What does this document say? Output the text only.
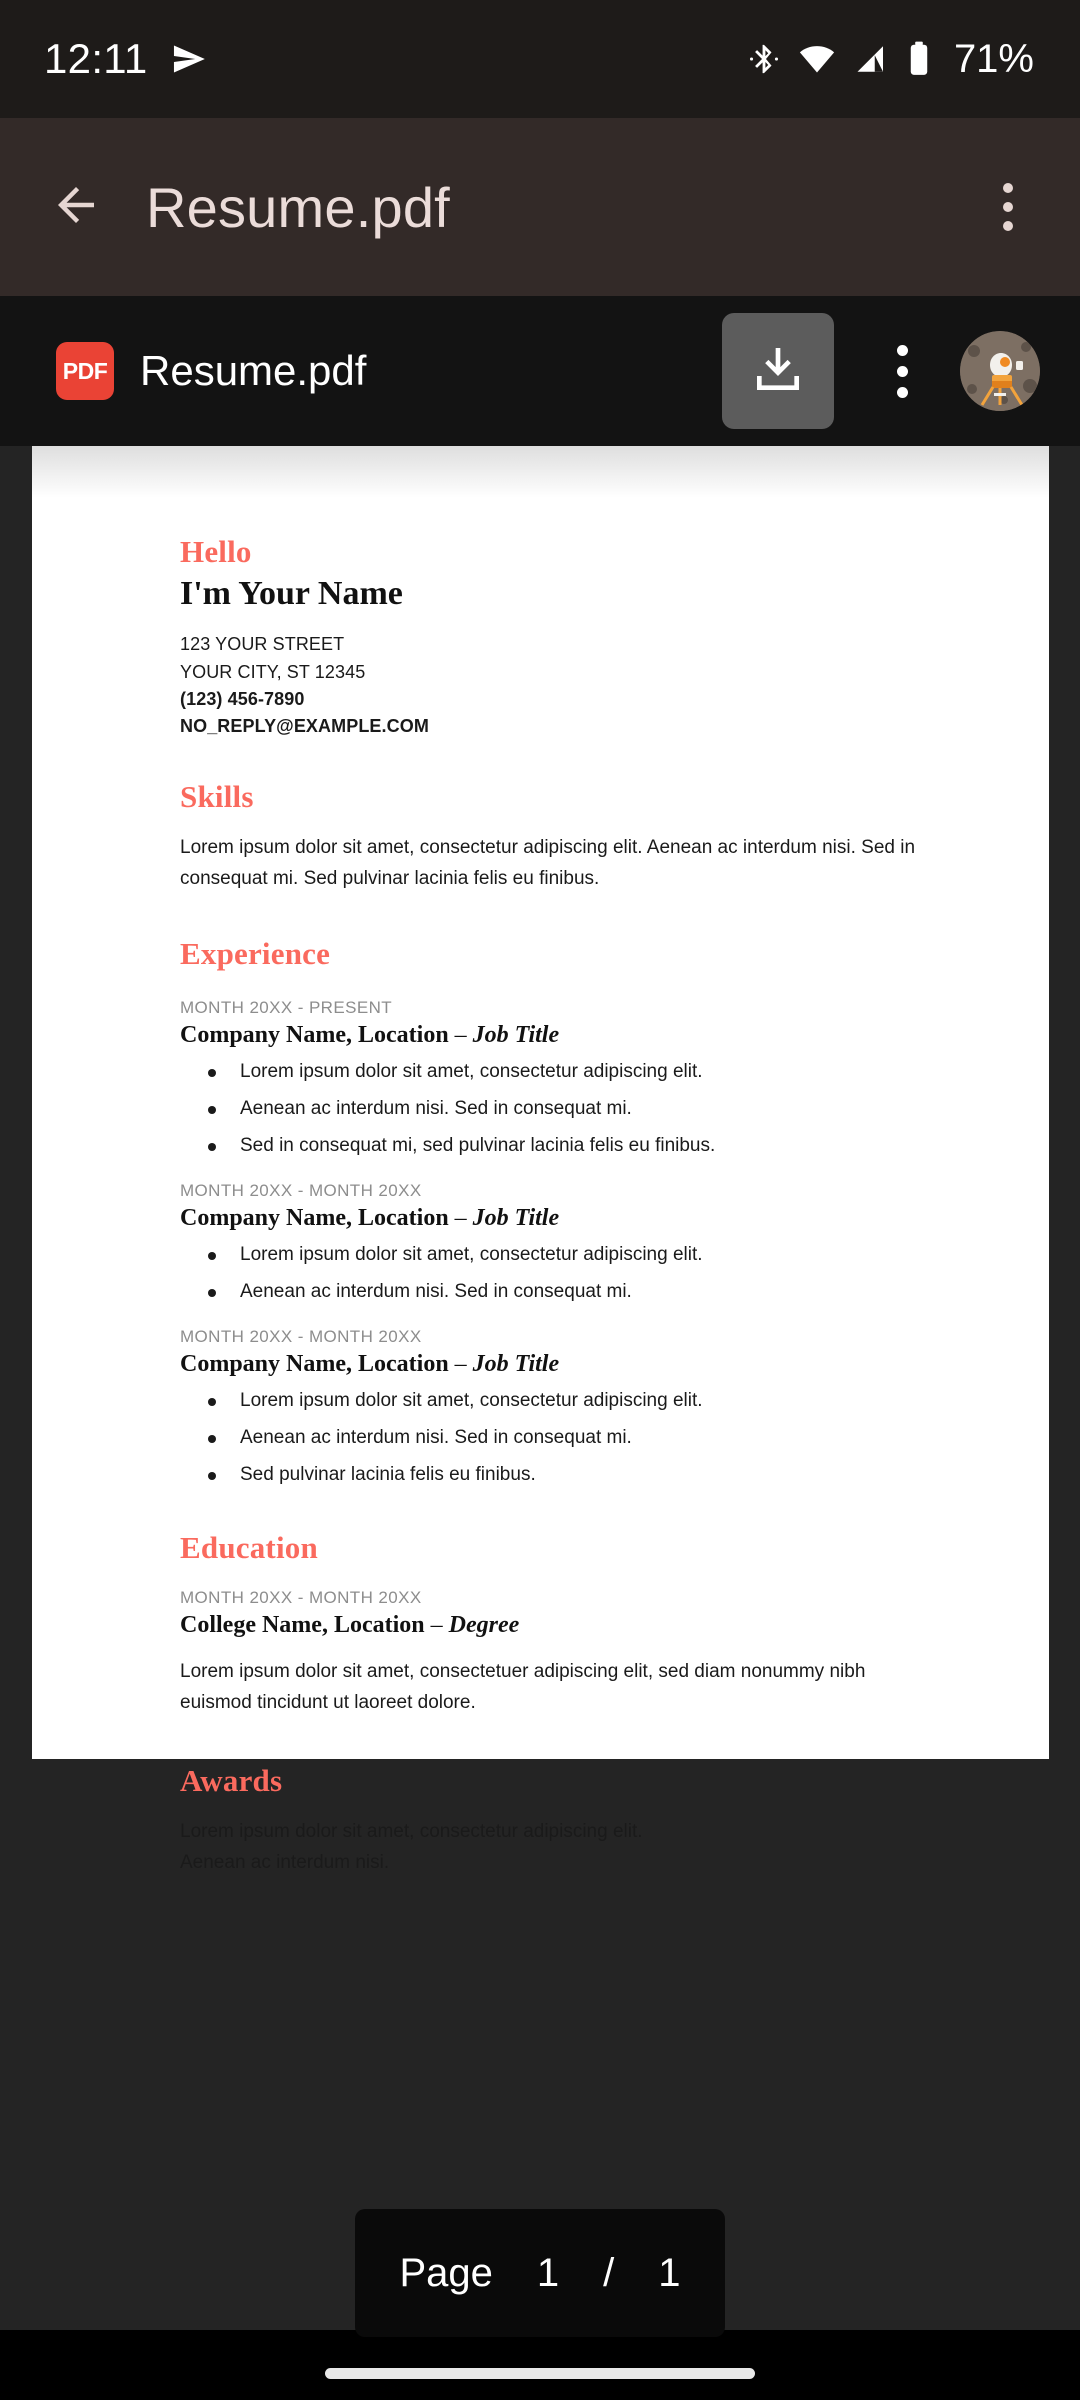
12:11	71%
Resume.pdf
PDF Resume.pdf
Hello
I'm Your Name
123 YOUR STREET
YOUR CITY, ST 12345
(123) 456-7890
NO_REPLY@EXAMPLE.COM
Skills
Lorem ipsum dolor sit amet, consectetur adipiscing elit. Aenean ac interdum nisi. Sed in consequat mi. Sed pulvinar lacinia felis eu finibus.
Experience
MONTH 20XX - PRESENT
Company Name, Location – Job Title
Lorem ipsum dolor sit amet, consectetur adipiscing elit.
Aenean ac interdum nisi. Sed in consequat mi.
Sed in consequat mi, sed pulvinar lacinia felis eu finibus.
MONTH 20XX - MONTH 20XX
Company Name, Location – Job Title
Lorem ipsum dolor sit amet, consectetur adipiscing elit.
Aenean ac interdum nisi. Sed in consequat mi.
MONTH 20XX - MONTH 20XX
Company Name, Location – Job Title
Lorem ipsum dolor sit amet, consectetur adipiscing elit.
Aenean ac interdum nisi. Sed in consequat mi.
Sed pulvinar lacinia felis eu finibus.
Education
MONTH 20XX - MONTH 20XX
College Name, Location – Degree
Lorem ipsum dolor sit amet, consectetuer adipiscing elit, sed diam nonummy nibh euismod tincidunt ut laoreet dolore.
Awards
Lorem ipsum dolor sit amet, consectetur adipiscing elit.
Aenean ac interdum nisi.
Page 1 / 1
